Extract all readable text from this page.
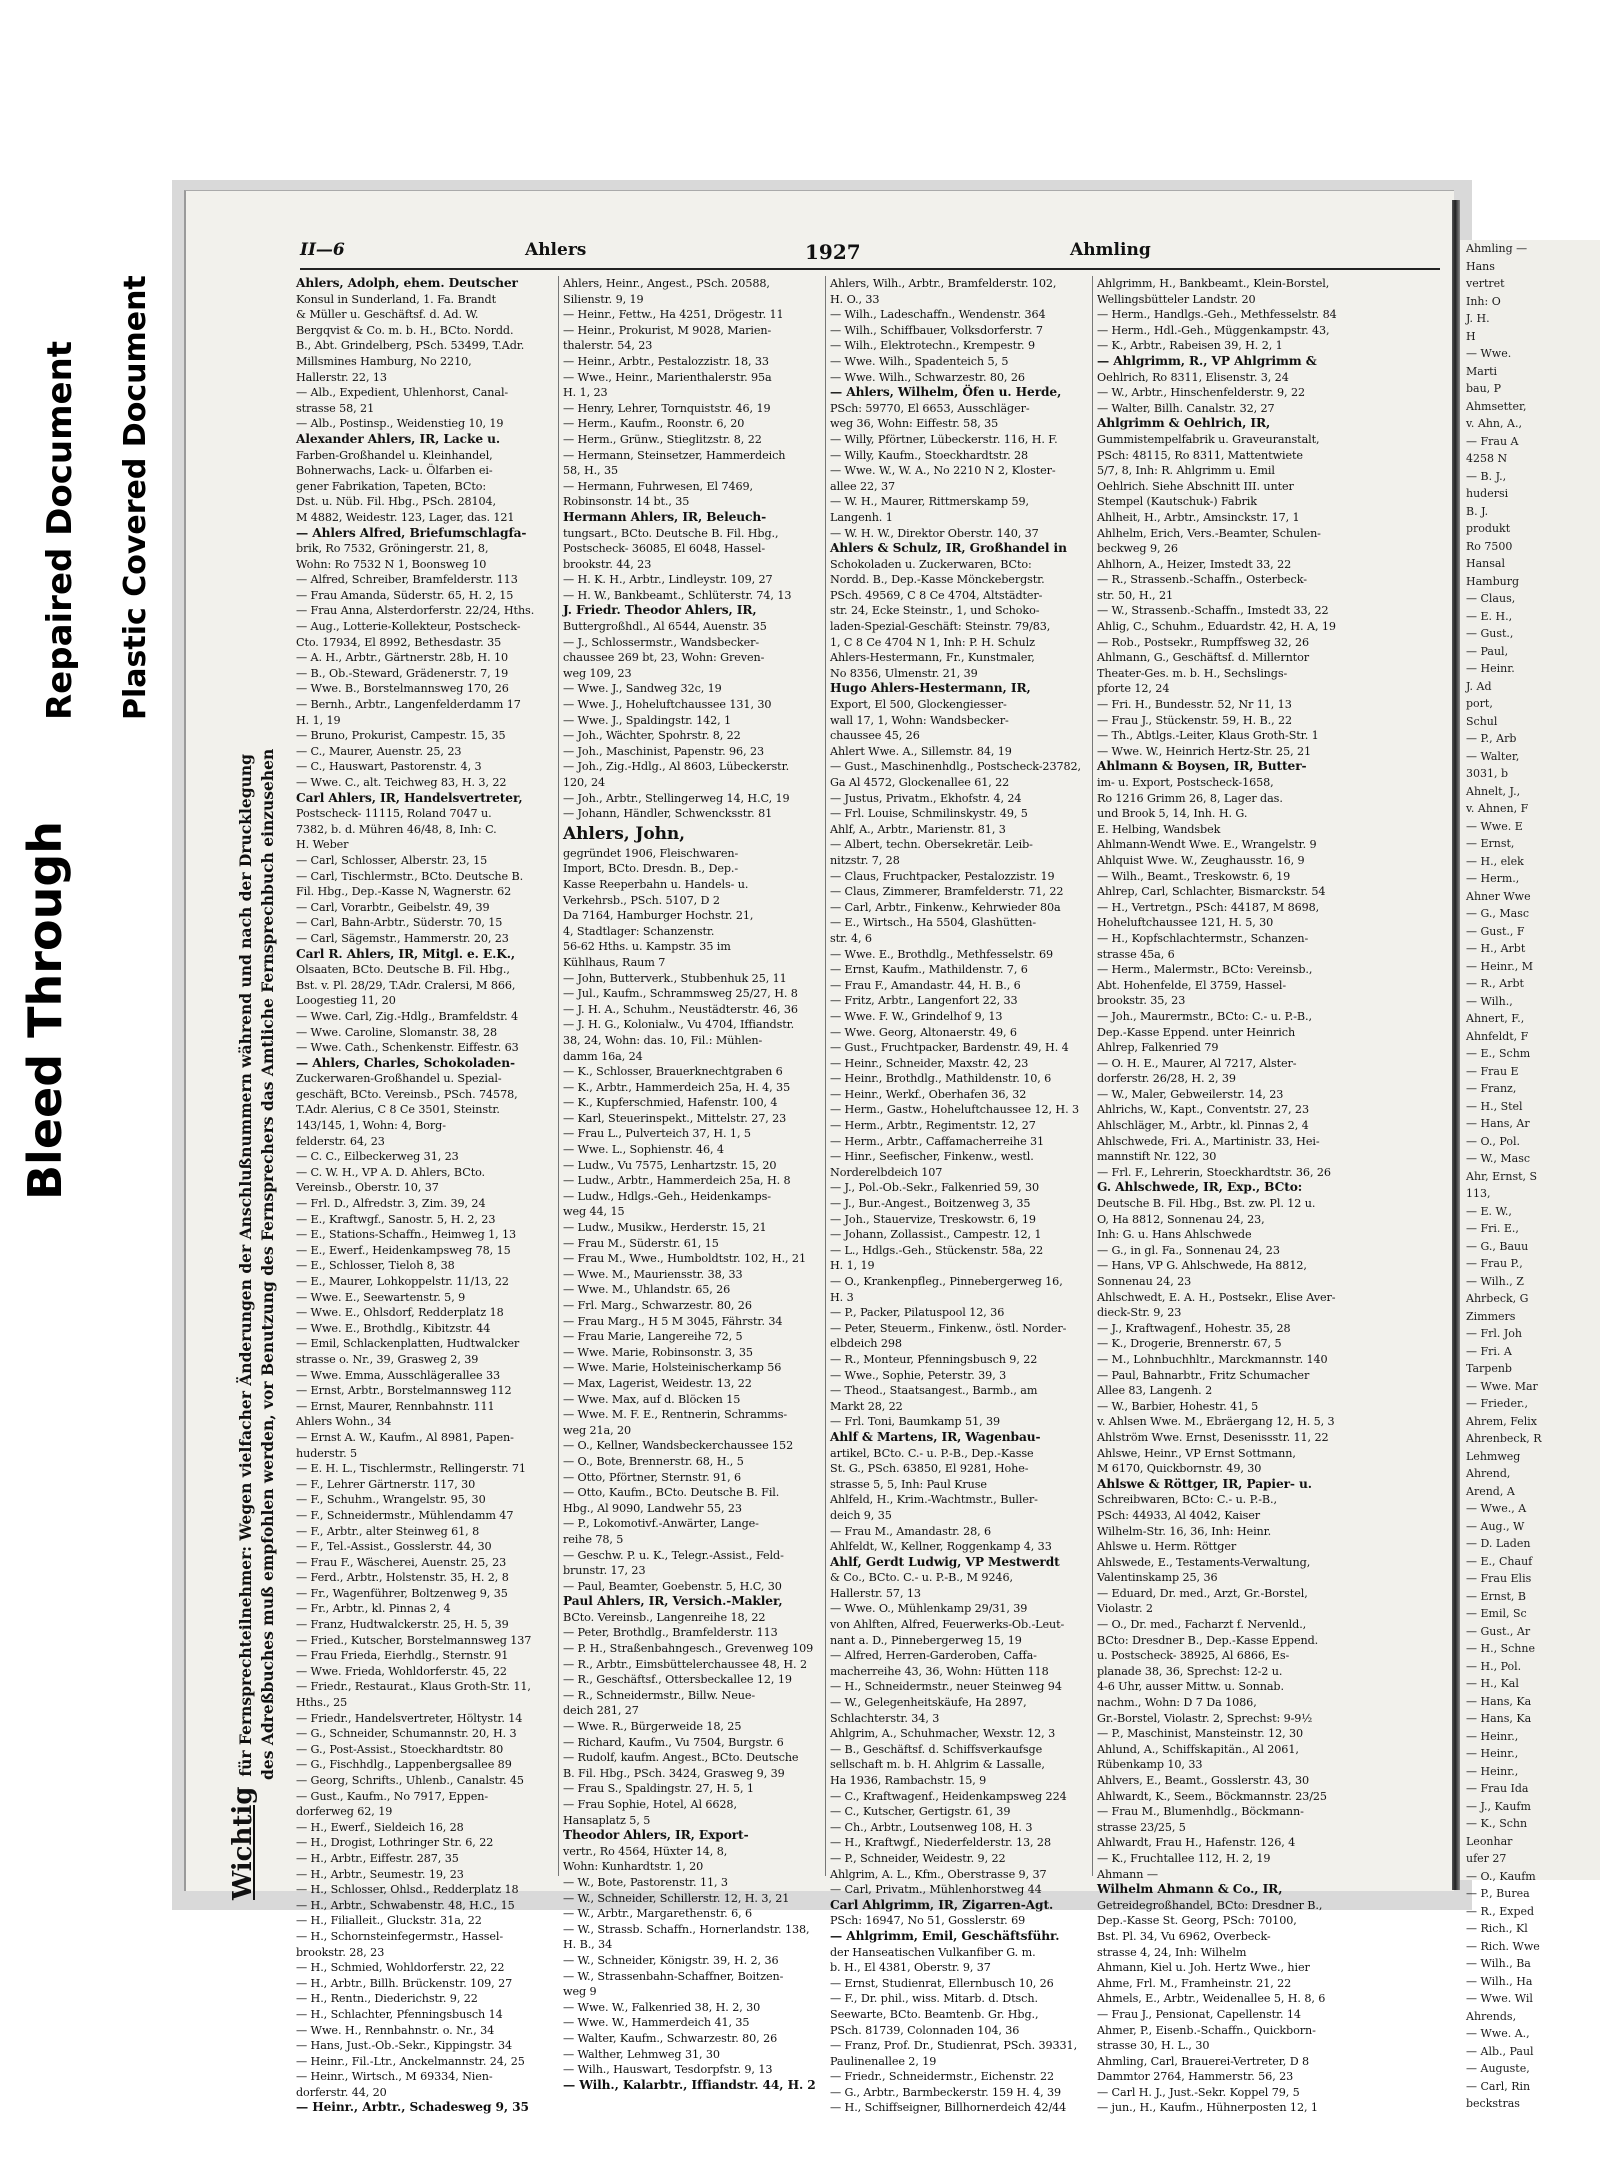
Bleed Through
Repaired Document Plastic Covered Document
Ahmling —
Hans
vertret
Inh: O
J. H.
H
— Wwe.
Marti
bau, P
Ahmsetter,
v. Ahn, A.,
— Frau A
4258 N
— B. J.,
hudersi
B. J.
produkt
Ro 7500
Hansal
Hamburg
— Claus,
— E. H.,
— Gust.,
— Paul,
— Heinr.
J. Ad
port,
Schul
— P., Arb
— Walter,
3031, b
Ahnelt, J.,
v. Ahnen, F
— Wwe. E
— Ernst,
— H., elek
— Herm.,
Ahner Wwe
— G., Masc
— Gust., F
— H., Arbt
— Heinr., M
— R., Arbt
— Wilh.,
Ahnert, F.,
Ahnfeldt, F
— E., Schm
— Frau E
— Franz,
— H., Stel
— Hans, Ar
— O., Pol.
— W., Masc
Ahr, Ernst, S
113,
— E. W.,
— Fri. E.,
— G., Bauu
— Frau P.,
— Wilh., Z
Ahrbeck, G
Zimmers
— Frl. Joh
— Fri. A
Tarpenb
— Wwe. Mar
— Frieder.,
Ahrem, Felix
Ahrenbeck, R
Lehmweg
Ahrend,
Arend, A
— Wwe., A
— Aug., W
— D. Laden
— E., Chauf
— Frau Elis
— Ernst, B
— Emil, Sc
— Gust., Ar
— H., Schne
— H., Pol.
— H., Kal
— Hans, Ka
— Hans, Ka
— Heinr.,
— Heinr.,
— Heinr.,
— Frau Ida
— J., Kaufm
— K., Schn
Leonhar
ufer 27
— O., Kaufm
— P., Burea
— R., Exped
— Rich., Kl
— Rich. Wwe
— Wilh., Ba
— Wilh., Ha
— Wwe. Wil
Ahrends,
— Wwe. A.,
— Alb., Paul
— Auguste,
— Carl, Rin
beckstras
II—6	Ahlers	1927	Ahmling
Wichtigfür Fernsprechteilnehmer: Wegen vielfacher Änderungen der Anschlußnummern während und nach der Drucklegung des Adreßbuches muß empfohlen werden, vor Benutzung des Fernsprechers das Amtliche Fernsprechbuch einzusehen
Ahlers, Adolph, ehem. Deutscher
Konsul in Sunderland, 1. Fa. Brandt
& Müller u. Geschäftsf. d. Ad. W.
Bergqvist & Co. m. b. H., BCto. Nordd.
B., Abt. Grindelberg, PSch. 53499, T.Adr.
Millsmines Hamburg, No 2210,
Hallerstr. 22, 13
— Alb., Expedient, Uhlenhorst, Canal-
strasse 58, 21
— Alb., Postinsp., Weidenstieg 10, 19
Alexander Ahlers, IR, Lacke u.
Farben-Großhandel u. Kleinhandel,
Bohnerwachs, Lack- u. Ölfarben ei-
gener Fabrikation, Tapeten, BCto:
Dst. u. Nüb. Fil. Hbg., PSch. 28104,
M 4882, Weidestr. 123, Lager, das. 121
— Ahlers Alfred, Briefumschlagfa-
brik, Ro 7532, Gröningerstr. 21, 8,
Wohn: Ro 7532 N 1, Boonsweg 10
— Alfred, Schreiber, Bramfelderstr. 113
— Frau Amanda, Süderstr. 65, H. 2, 15
— Frau Anna, Alsterdorferstr. 22/24, Hths.
— Aug., Lotterie-Kollekteur, Postscheck-
Cto. 17934, El 8992, Bethesdastr. 35
— A. H., Arbtr., Gärtnerstr. 28b, H. 10
— B., Ob.-Steward, Grädenerstr. 7, 19
— Wwe. B., Borstelmannsweg 170, 26
— Bernh., Arbtr., Langenfelderdamm 17
H. 1, 19
— Bruno, Prokurist, Campestr. 15, 35
— C., Maurer, Auenstr. 25, 23
— C., Hauswart, Pastorenstr. 4, 3
— Wwe. C., alt. Teichweg 83, H. 3, 22
Carl Ahlers, IR, Handelsvertreter,
Postscheck- 11115, Roland 7047 u.
7382, b. d. Mühren 46/48, 8, Inh: C.
H. Weber
— Carl, Schlosser, Alberstr. 23, 15
— Carl, Tischlermstr., BCto. Deutsche B.
Fil. Hbg., Dep.-Kasse N, Wagnerstr. 62
— Carl, Vorarbtr., Geibelstr. 49, 39
— Carl, Bahn-Arbtr., Süderstr. 70, 15
— Carl, Sägemstr., Hammerstr. 20, 23
Carl R. Ahlers, IR, Mitgl. e. E.K.,
Olsaaten, BCto. Deutsche B. Fil. Hbg.,
Bst. v. Pl. 28/29, T.Adr. Cralersi, M 866,
Loogestieg 11, 20
— Wwe. Carl, Zig.-Hdlg., Bramfeldstr. 4
— Wwe. Caroline, Slomanstr. 38, 28
— Wwe. Cath., Schenkenstr. Eiffestr. 63
— Ahlers, Charles, Schokoladen-
Zuckerwaren-Großhandel u. Spezial-
geschäft, BCto. Vereinsb., PSch. 74578,
T.Adr. Alerius, C 8 Ce 3501, Steinstr.
143/145, 1, Wohn: 4, Borg-
felderstr. 64, 23
— C. C., Eilbeckerweg 31, 23
— C. W. H., VP A. D. Ahlers, BCto.
Vereinsb., Oberstr. 10, 37
— Frl. D., Alfredstr. 3, Zim. 39, 24
— E., Kraftwgf., Sanostr. 5, H. 2, 23
— E., Stations-Schaffn., Heimweg 1, 13
— E., Ewerf., Heidenkampsweg 78, 15
— E., Schlosser, Tieloh 8, 38
— E., Maurer, Lohkoppelstr. 11/13, 22
— Wwe. E., Seewartenstr. 5, 9
— Wwe. E., Ohlsdorf, Redderplatz 18
— Wwe. E., Brothdlg., Kibitzstr. 44
— Emil, Schlackenplatten, Hudtwalcker
strasse o. Nr., 39, Grasweg 2, 39
— Wwe. Emma, Ausschlägerallee 33
— Ernst, Arbtr., Borstelmannsweg 112
— Ernst, Maurer, Rennbahnstr. 111
Ahlers Wohn., 34
— Ernst A. W., Kaufm., Al 8981, Papen-
huderstr. 5
— E. H. L., Tischlermstr., Rellingerstr. 71
— F., Lehrer Gärtnerstr. 117, 30
— F., Schuhm., Wrangelstr. 95, 30
— F., Schneidermstr., Mühlendamm 47
— F., Arbtr., alter Steinweg 61, 8
— F., Tel.-Assist., Gosslerstr. 44, 30
— Frau F., Wäscherei, Auenstr. 25, 23
— Ferd., Arbtr., Holstenstr. 35, H. 2, 8
— Fr., Wagenführer, Boltzenweg 9, 35
— Fr., Arbtr., kl. Pinnas 2, 4
— Franz, Hudtwalckerstr. 25, H. 5, 39
— Fried., Kutscher, Borstelmannsweg 137
— Frau Frieda, Eierhdlg., Sternstr. 91
— Wwe. Frieda, Wohldorferstr. 45, 22
— Friedr., Restaurat., Klaus Groth-Str. 11,
Hths., 25
— Friedr., Handelsvertreter, Höltystr. 14
— G., Schneider, Schumannstr. 20, H. 3
— G., Post-Assist., Stoeckhardtstr. 80
— G., Fischhdlg., Lappenbergsallee 89
— Georg, Schrifts., Uhlenb., Canalstr. 45
— Gust., Kaufm., No 7917, Eppen-
dorferweg 62, 19
— H., Ewerf., Sieldeich 16, 28
— H., Drogist, Lothringer Str. 6, 22
— H., Arbtr., Eiffestr. 287, 35
— H., Arbtr., Seumestr. 19, 23
— H., Schlosser, Ohlsd., Redderplatz 18
— H., Arbtr., Schwabenstr. 48, H.C., 15
— H., Filialleit., Gluckstr. 31a, 22
— H., Schornsteinfegermstr., Hassel-
brookstr. 28, 23
— H., Schmied, Wohldorferstr. 22, 22
— H., Arbtr., Billh. Brückenstr. 109, 27
— H., Rentn., Diederichstr. 9, 22
— H., Schlachter, Pfenningsbusch 14
— Wwe. H., Rennbahnstr. o. Nr., 34
— Hans, Just.-Ob.-Sekr., Kippingstr. 34
— Heinr., Fil.-Ltr., Anckelmannstr. 24, 25
— Heinr., Wirtsch., M 69334, Nien-
dorferstr. 44, 20
— Heinr., Arbtr., Schadesweg 9, 35
Ahlers, Heinr., Angest., PSch. 20588,
Silienstr. 9, 19
— Heinr., Fettw., Ha 4251, Drögestr. 11
— Heinr., Prokurist, M 9028, Marien-
thalerstr. 54, 23
— Heinr., Arbtr., Pestalozzistr. 18, 33
— Wwe., Heinr., Marienthalerstr. 95a
H. 1, 23
— Henry, Lehrer, Tornquiststr. 46, 19
— Herm., Kaufm., Roonstr. 6, 20
— Herm., Grünw., Stieglitzstr. 8, 22
— Hermann, Steinsetzer, Hammerdeich
58, H., 35
— Hermann, Fuhrwesen, El 7469,
Robinsonstr. 14 bt., 35
Hermann Ahlers, IR, Beleuch-
tungsart., BCto. Deutsche B. Fil. Hbg.,
Postscheck- 36085, El 6048, Hassel-
brookstr. 44, 23
— H. K. H., Arbtr., Lindleystr. 109, 27
— H. W., Bankbeamt., Schlüterstr. 74, 13
J. Friedr. Theodor Ahlers, IR,
Buttergroßhdl., Al 6544, Auenstr. 35
— J., Schlossermstr., Wandsbecker-
chaussee 269 bt, 23, Wohn: Greven-
weg 109, 23
— Wwe. J., Sandweg 32c, 19
— Wwe. J., Hoheluftchaussee 131, 30
— Wwe. J., Spaldingstr. 142, 1
— Joh., Wächter, Spohrstr. 8, 22
— Joh., Maschinist, Papenstr. 96, 23
— Joh., Zig.-Hdlg., Al 8603, Lübeckerstr.
120, 24
— Joh., Arbtr., Stellingerweg 14, H.C, 19
— Johann, Händler, Schwencksstr. 81
Ahlers, John,
gegründet 1906, Fleischwaren-
Import, BCto. Dresdn. B., Dep.-
Kasse Reeperbahn u. Handels- u.
Verkehrsb., PSch. 5107, D 2
Da 7164, Hamburger Hochstr. 21,
4, Stadtlager: Schanzenstr.
56-62 Hths. u. Kampstr. 35 im
Kühlhaus, Raum 7
— John, Butterverk., Stubbenhuk 25, 11
— Jul., Kaufm., Schrammsweg 25/27, H. 8
— J. H. A., Schuhm., Neustädterstr. 46, 36
— J. H. G., Kolonialw., Vu 4704, Iffiandstr.
38, 24, Wohn: das. 10, Fil.: Mühlen-
damm 16a, 24
— K., Schlosser, Brauerknechtgraben 6
— K., Arbtr., Hammerdeich 25a, H. 4, 35
— K., Kupferschmied, Hafenstr. 100, 4
— Karl, Steuerinspekt., Mittelstr. 27, 23
— Frau L., Pulverteich 37, H. 1, 5
— Wwe. L., Sophienstr. 46, 4
— Ludw., Vu 7575, Lenhartzstr. 15, 20
— Ludw., Arbtr., Hammerdeich 25a, H. 8
— Ludw., Hdlgs.-Geh., Heidenkamps-
weg 44, 15
— Ludw., Musikw., Herderstr. 15, 21
— Frau M., Süderstr. 61, 15
— Frau M., Wwe., Humboldtstr. 102, H., 21
— Wwe. M., Mauriensstr. 38, 33
— Wwe. M., Uhlandstr. 65, 26
— Frl. Marg., Schwarzestr. 80, 26
— Frau Marg., H 5 M 3045, Fährstr. 34
— Frau Marie, Langereihe 72, 5
— Wwe. Marie, Robinsonstr. 3, 35
— Wwe. Marie, Holsteinischerkamp 56
— Max, Lagerist, Weidestr. 13, 22
— Wwe. Max, auf d. Blöcken 15
— Wwe. M. F. E., Rentnerin, Schramms-
weg 21a, 20
— O., Kellner, Wandsbeckerchaussee 152
— O., Bote, Brennerstr. 68, H., 5
— Otto, Pförtner, Sternstr. 91, 6
— Otto, Kaufm., BCto. Deutsche B. Fil.
Hbg., Al 9090, Landwehr 55, 23
— P., Lokomotivf.-Anwärter, Lange-
reihe 78, 5
— Geschw. P. u. K., Telegr.-Assist., Feld-
brunstr. 17, 23
— Paul, Beamter, Goebenstr. 5, H.C, 30
Paul Ahlers, IR, Versich.-Makler,
BCto. Vereinsb., Langenreihe 18, 22
— Peter, Brothdlg., Bramfelderstr. 113
— P. H., Straßenbahngesch., Grevenweg 109
— R., Arbtr., Eimsbüttelerchaussee 48, H. 2
— R., Geschäftsf., Ottersbeckallee 12, 19
— R., Schneidermstr., Billw. Neue-
deich 281, 27
— Wwe. R., Bürgerweide 18, 25
— Richard, Kaufm., Vu 7504, Burgstr. 6
— Rudolf, kaufm. Angest., BCto. Deutsche
B. Fil. Hbg., PSch. 3424, Grasweg 9, 39
— Frau S., Spaldingstr. 27, H. 5, 1
— Frau Sophie, Hotel, Al 6628,
Hansaplatz 5, 5
Theodor Ahlers, IR, Export-
vertr., Ro 4564, Hüxter 14, 8,
Wohn: Kunhardtstr. 1, 20
— W., Bote, Pastorenstr. 11, 3
— W., Schneider, Schillerstr. 12, H. 3, 21
— W., Arbtr., Margarethenstr. 6, 6
— W., Strassb. Schaffn., Hornerlandstr. 138,
H. B., 34
— W., Schneider, Königstr. 39, H. 2, 36
— W., Strassenbahn-Schaffner, Boitzen-
weg 9
— Wwe. W., Falkenried 38, H. 2, 30
— Wwe. W., Hammerdeich 41, 35
— Walter, Kaufm., Schwarzestr. 80, 26
— Walther, Lehmweg 31, 30
— Wilh., Hauswart, Tesdorpfstr. 9, 13
— Wilh., Kalarbtr., Iffiandstr. 44, H. 2
Ahlers, Wilh., Arbtr., Bramfelderstr. 102,
H. O., 33
— Wilh., Ladeschaffn., Wendenstr. 364
— Wilh., Schiffbauer, Volksdorferstr. 7
— Wilh., Elektrotechn., Krempestr. 9
— Wwe. Wilh., Spadenteich 5, 5
— Wwe. Wilh., Schwarzestr. 80, 26
— Ahlers, Wilhelm, Öfen u. Herde,
PSch: 59770, El 6653, Ausschläger-
weg 36, Wohn: Eiffestr. 58, 35
— Willy, Pförtner, Lübeckerstr. 116, H. F.
— Willy, Kaufm., Stoeckhardtstr. 28
— Wwe. W., W. A., No 2210 N 2, Kloster-
allee 22, 37
— W. H., Maurer, Rittmerskamp 59,
Langenh. 1
— W. H. W., Direktor Oberstr. 140, 37
Ahlers & Schulz, IR, Großhandel in
Schokoladen u. Zuckerwaren, BCto:
Nordd. B., Dep.-Kasse Mönckebergstr.
PSch. 49569, C 8 Ce 4704, Altstädter-
str. 24, Ecke Steinstr., 1, und Schoko-
laden-Spezial-Geschäft: Steinstr. 79/83,
1, C 8 Ce 4704 N 1, Inh: P. H. Schulz
Ahlers-Hestermann, Fr., Kunstmaler,
No 8356, Ulmenstr. 21, 39
Hugo Ahlers-Hestermann, IR,
Export, El 500, Glockengiesser-
wall 17, 1, Wohn: Wandsbecker-
chaussee 45, 26
Ahlert Wwe. A., Sillemstr. 84, 19
— Gust., Maschinenhdlg., Postscheck-23782,
Ga Al 4572, Glockenallee 61, 22
— Justus, Privatm., Ekhofstr. 4, 24
— Frl. Louise, Schmilinskystr. 49, 5
Ahlf, A., Arbtr., Marienstr. 81, 3
— Albert, techn. Obersekretär. Leib-
nitzstr. 7, 28
— Claus, Fruchtpacker, Pestalozzistr. 19
— Claus, Zimmerer, Bramfelderstr. 71, 22
— Carl, Arbtr., Finkenw., Kehrwieder 80a
— E., Wirtsch., Ha 5504, Glashütten-
str. 4, 6
— Wwe. E., Brothdlg., Methfesselstr. 69
— Ernst, Kaufm., Mathildenstr. 7, 6
— Frau F., Amandastr. 44, H. B., 6
— Fritz, Arbtr., Langenfort 22, 33
— Wwe. F. W., Grindelhof 9, 13
— Wwe. Georg, Altonaerstr. 49, 6
— Gust., Fruchtpacker, Bardenstr. 49, H. 4
— Heinr., Schneider, Maxstr. 42, 23
— Heinr., Brothdlg., Mathildenstr. 10, 6
— Heinr., Werkf., Oberhafen 36, 32
— Herm., Gastw., Hoheluftchaussee 12, H. 3
— Herm., Arbtr., Regimentstr. 12, 27
— Herm., Arbtr., Caffamacherreihe 31
— Hinr., Seefischer, Finkenw., westl.
Norderelbdeich 107
— J., Pol.-Ob.-Sekr., Falkenried 59, 30
— J., Bur.-Angest., Boitzenweg 3, 35
— Joh., Stauervize, Treskowstr. 6, 19
— Johann, Zollassist., Campestr. 12, 1
— L., Hdlgs.-Geh., Stückenstr. 58a, 22
H. 1, 19
— O., Krankenpfleg., Pinnebergerweg 16,
H. 3
— P., Packer, Pilatuspool 12, 36
— Peter, Steuerm., Finkenw., östl. Norder-
elbdeich 298
— R., Monteur, Pfenningsbusch 9, 22
— Wwe., Sophie, Peterstr. 39, 3
— Theod., Staatsangest., Barmb., am
Markt 28, 22
— Frl. Toni, Baumkamp 51, 39
Ahlf & Martens, IR, Wagenbau-
artikel, BCto. C.- u. P.-B., Dep.-Kasse
St. G., PSch. 63850, El 9281, Hohe-
strasse 5, 5, Inh: Paul Kruse
Ahlfeld, H., Krim.-Wachtmstr., Buller-
deich 9, 35
— Frau M., Amandastr. 28, 6
Ahlfeldt, W., Kellner, Roggenkamp 4, 33
Ahlf, Gerdt Ludwig, VP Mestwerdt
& Co., BCto. C.- u. P.-B., M 9246,
Hallerstr. 57, 13
— Wwe. O., Mühlenkamp 29/31, 39
von Ahlften, Alfred, Feuerwerks-Ob.-Leut-
nant a. D., Pinnebergerweg 15, 19
— Alfred, Herren-Garderoben, Caffa-
macherreihe 43, 36, Wohn: Hütten 118
— H., Schneidermstr., neuer Steinweg 94
— W., Gelegenheitskäufe, Ha 2897,
Schlachterstr. 34, 3
Ahlgrim, A., Schuhmacher, Wexstr. 12, 3
— B., Geschäftsf. d. Schiffsverkaufsge
sellschaft m. b. H. Ahlgrim & Lassalle,
Ha 1936, Rambachstr. 15, 9
— C., Kraftwagenf., Heidenkampsweg 224
— C., Kutscher, Gertigstr. 61, 39
— Ch., Arbtr., Loutsenweg 108, H. 3
— H., Kraftwgf., Niederfelderstr. 13, 28
— P., Schneider, Weidestr. 9, 22
Ahlgrim, A. L., Kfm., Oberstrasse 9, 37
— Carl, Privatm., Mühlenhorstweg 44
Carl Ahlgrimm, IR, Zigarren-Agt.
PSch: 16947, No 51, Gosslerstr. 69
— Ahlgrimm, Emil, Geschäftsführ.
der Hanseatischen Vulkanfiber G. m.
b. H., El 4381, Oberstr. 9, 37
— Ernst, Studienrat, Ellernbusch 10, 26
— F., Dr. phil., wiss. Mitarb. d. Dtsch.
Seewarte, BCto. Beamtenb. Gr. Hbg.,
PSch. 81739, Colonnaden 104, 36
— Franz, Prof. Dr., Studienrat, PSch. 39331,
Paulinenallee 2, 19
— Friedr., Schneidermstr., Eichenstr. 22
— G., Arbtr., Barmbeckerstr. 159 H. 4, 39
— H., Schiffseigner, Billhornerdeich 42/44
Ahlgrimm, H., Bankbeamt., Klein-Borstel,
Wellingsbütteler Landstr. 20
— Herm., Handlgs.-Geh., Methfesselstr. 84
— Herm., Hdl.-Geh., Müggenkampstr. 43,
— K., Arbtr., Rabeisen 39, H. 2, 1
— Ahlgrimm, R., VP Ahlgrimm &
Oehlrich, Ro 8311, Elisenstr. 3, 24
— W., Arbtr., Hinschenfelderstr. 9, 22
— Walter, Billh. Canalstr. 32, 27
Ahlgrimm & Oehlrich, IR,
Gummistempelfabrik u. Graveuranstalt,
PSch: 48115, Ro 8311, Mattentwiete
5/7, 8, Inh: R. Ahlgrimm u. Emil
Oehlrich. Siehe Abschnitt III. unter
Stempel (Kautschuk-) Fabrik
Ahlheit, H., Arbtr., Amsinckstr. 17, 1
Ahlhelm, Erich, Vers.-Beamter, Schulen-
beckweg 9, 26
Ahlhorn, A., Heizer, Imstedt 33, 22
— R., Strassenb.-Schaffn., Osterbeck-
str. 50, H., 21
— W., Strassenb.-Schaffn., Imstedt 33, 22
Ahlig, C., Schuhm., Eduardstr. 42, H. A, 19
— Rob., Postsekr., Rumpffsweg 32, 26
Ahlmann, G., Geschäftsf. d. Millerntor
Theater-Ges. m. b. H., Sechslings-
pforte 12, 24
— Fri. H., Bundesstr. 52, Nr 11, 13
— Frau J., Stückenstr. 59, H. B., 22
— Th., Abtlgs.-Leiter, Klaus Groth-Str. 1
— Wwe. W., Heinrich Hertz-Str. 25, 21
Ahlmann & Boysen, IR, Butter-
im- u. Export, Postscheck-1658,
Ro 1216 Grimm 26, 8, Lager das.
und Brook 5, 14, Inh. H. G.
E. Helbing, Wandsbek
Ahlmann-Wendt Wwe. E., Wrangelstr. 9
Ahlquist Wwe. W., Zeughausstr. 16, 9
— Wilh., Beamt., Treskowstr. 6, 19
Ahlrep, Carl, Schlachter, Bismarckstr. 54
— H., Vertretgn., PSch: 44187, M 8698,
Hoheluftchaussee 121, H. 5, 30
— H., Kopfschlachtermstr., Schanzen-
strasse 45a, 6
— Herm., Malermstr., BCto: Vereinsb.,
Abt. Hohenfelde, El 3759, Hassel-
brookstr. 35, 23
— Joh., Maurermstr., BCto: C.- u. P.-B.,
Dep.-Kasse Eppend. unter Heinrich
Ahlrep, Falkenried 79
— O. H. E., Maurer, Al 7217, Alster-
dorferstr. 26/28, H. 2, 39
— W., Maler, Gebweilerstr. 14, 23
Ahlrichs, W., Kapt., Conventstr. 27, 23
Ahlschläger, M., Arbtr., kl. Pinnas 2, 4
Ahlschwede, Fri. A., Martinistr. 33, Hei-
mannstift Nr. 122, 30
— Frl. F., Lehrerin, Stoeckhardtstr. 36, 26
G. Ahlschwede, IR, Exp., BCto:
Deutsche B. Fil. Hbg., Bst. zw. Pl. 12 u.
O, Ha 8812, Sonnenau 24, 23,
Inh: G. u. Hans Ahlschwede
— G., in gl. Fa., Sonnenau 24, 23
— Hans, VP G. Ahlschwede, Ha 8812,
Sonnenau 24, 23
Ahlschwedt, E. A. H., Postsekr., Elise Aver-
dieck-Str. 9, 23
— J., Kraftwagenf., Hohestr. 35, 28
— K., Drogerie, Brennerstr. 67, 5
— M., Lohnbuchhltr., Marckmannstr. 140
— Paul, Bahnarbtr., Fritz Schumacher
Allee 83, Langenh. 2
— W., Barbier, Hohestr. 41, 5
v. Ahlsen Wwe. M., Ebräergang 12, H. 5, 3
Ahlström Wwe. Ernst, Desenissstr. 11, 22
Ahlswe, Heinr., VP Ernst Sottmann,
M 6170, Quickbornstr. 49, 30
Ahlswe & Röttger, IR, Papier- u.
Schreibwaren, BCto: C.- u. P.-B.,
PSch: 44933, Al 4042, Kaiser
Wilhelm-Str. 16, 36, Inh: Heinr.
Ahlswe u. Herm. Röttger
Ahlswede, E., Testaments-Verwaltung,
Valentinskamp 25, 36
— Eduard, Dr. med., Arzt, Gr.-Borstel,
Violastr. 2
— O., Dr. med., Facharzt f. Nervenld.,
BCto: Dresdner B., Dep.-Kasse Eppend.
u. Postscheck- 38925, Al 6866, Es-
planade 38, 36, Sprechst: 12-2 u.
4-6 Uhr, ausser Mittw. u. Sonnab.
nachm., Wohn: D 7 Da 1086,
Gr.-Borstel, Violastr. 2, Sprechst: 9-9½
— P., Maschinist, Mansteinstr. 12, 30
Ahlund, A., Schiffskapitän., Al 2061,
Rübenkamp 10, 33
Ahlvers, E., Beamt., Gosslerstr. 43, 30
Ahlwardt, K., Seem., Böckmannstr. 23/25
— Frau M., Blumenhdlg., Böckmann-
strasse 23/25, 5
Ahlwardt, Frau H., Hafenstr. 126, 4
— K., Fruchtallee 112, H. 2, 19
Ahmann —
Wilhelm Ahmann & Co., IR,
Getreidegroßhandel, BCto: Dresdner B.,
Dep.-Kasse St. Georg, PSch: 70100,
Bst. Pl. 34, Vu 6962, Overbeck-
strasse 4, 24, Inh: Wilhelm
Ahmann, Kiel u. Joh. Hertz Wwe., hier
Ahme, Frl. M., Framheinstr. 21, 22
Ahmels, E., Arbtr., Weidenallee 5, H. 8, 6
— Frau J., Pensionat, Capellenstr. 14
Ahmer, P., Eisenb.-Schaffn., Quickborn-
strasse 30, H. L., 30
Ahmling, Carl, Brauerei-Vertreter, D 8
Dammtor 2764, Hammerstr. 56, 23
— Carl H. J., Just.-Sekr. Koppel 79, 5
— jun., H., Kaufm., Hühnerposten 12, 1
